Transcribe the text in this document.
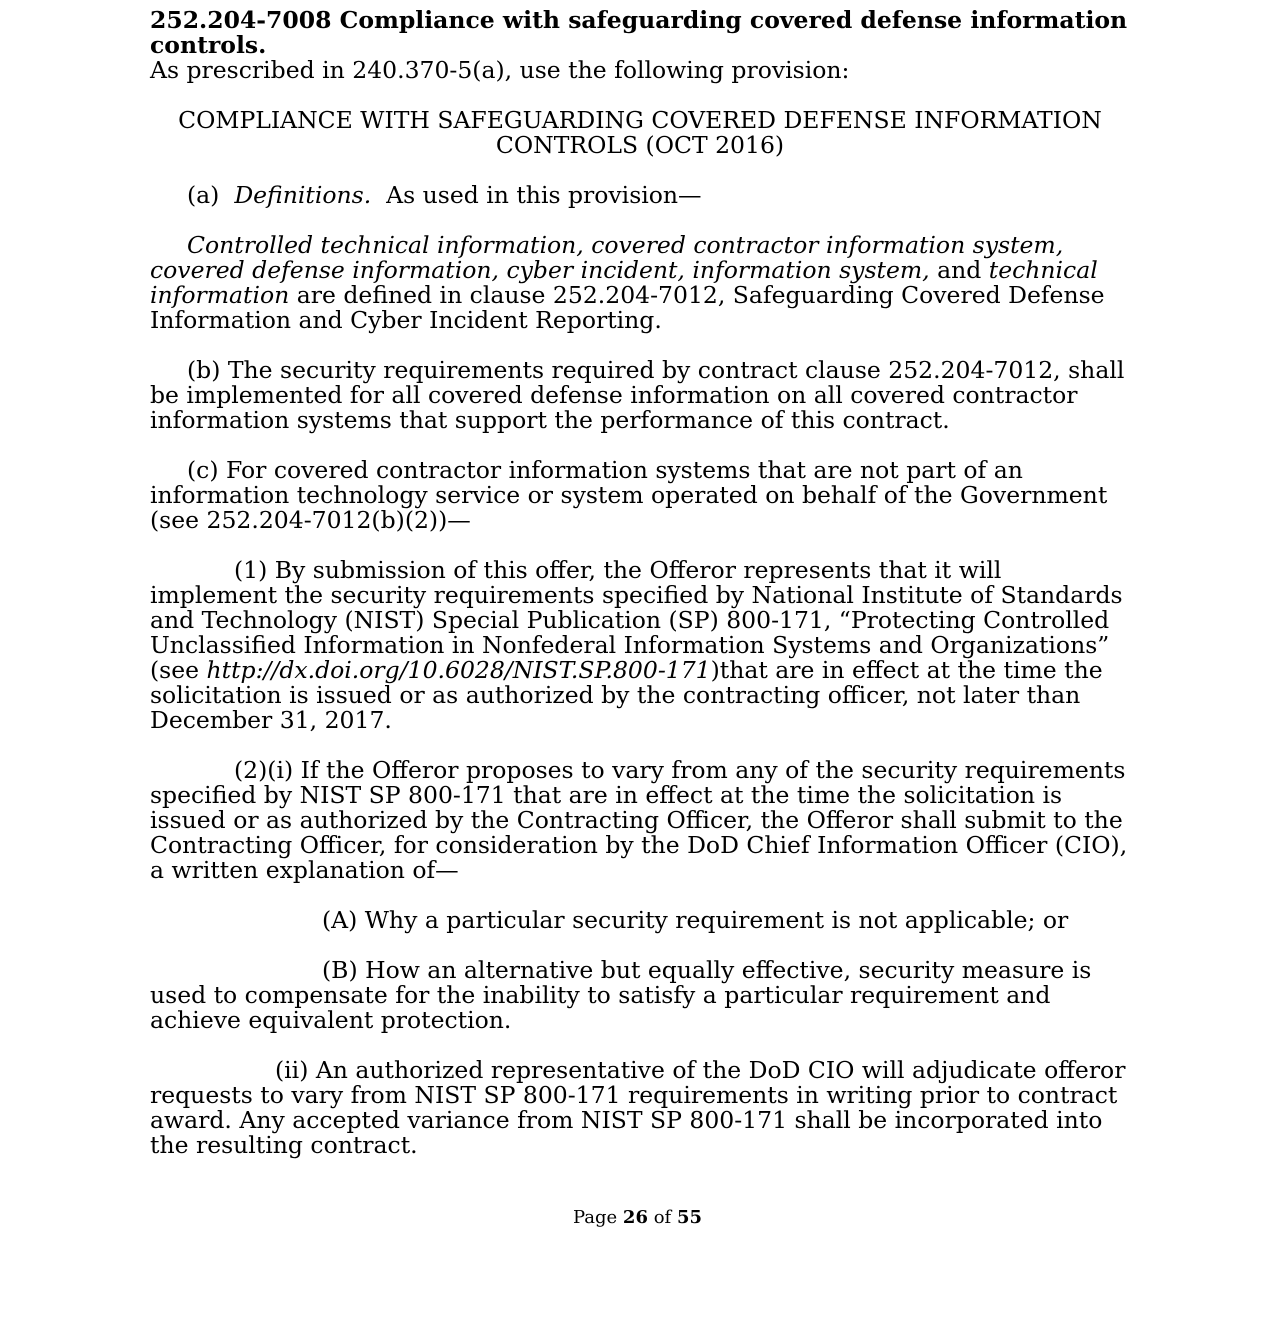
252.204-7008 Compliance with safeguarding covered defense information controls.

As prescribed in 240.370-5(a), use the following provision:

COMPLIANCE WITH SAFEGUARDING COVERED DEFENSE INFORMATION CONTROLS (OCT 2016)

(a) Definitions. As used in this provision—

Controlled technical information, covered contractor information system, covered defense information, cyber incident, information system, and technical information are defined in clause 252.204-7012, Safeguarding Covered Defense Information and Cyber Incident Reporting.

(b) The security requirements required by contract clause 252.204-7012, shall be implemented for all covered defense information on all covered contractor information systems that support the performance of this contract.

(c) For covered contractor information systems that are not part of an information technology service or system operated on behalf of the Government (see 252.204-7012(b)(2))—

(1) By submission of this offer, the Offeror represents that it will implement the security requirements specified by National Institute of Standards and Technology (NIST) Special Publication (SP) 800-171, “Protecting Controlled Unclassified Information in Nonfederal Information Systems and Organizations” (see http://dx.doi.org/10.6028/NIST.SP.800-171)that are in effect at the time the solicitation is issued or as authorized by the contracting officer, not later than December 31, 2017.

(2)(i) If the Offeror proposes to vary from any of the security requirements specified by NIST SP 800-171 that are in effect at the time the solicitation is issued or as authorized by the Contracting Officer, the Offeror shall submit to the Contracting Officer, for consideration by the DoD Chief Information Officer (CIO), a written explanation of—

(A) Why a particular security requirement is not applicable; or

(B) How an alternative but equally effective, security measure is used to compensate for the inability to satisfy a particular requirement and achieve equivalent protection.

(ii) An authorized representative of the DoD CIO will adjudicate offeror requests to vary from NIST SP 800-171 requirements in writing prior to contract award. Any accepted variance from NIST SP 800-171 shall be incorporated into the resulting contract.

Page 26 of 55
